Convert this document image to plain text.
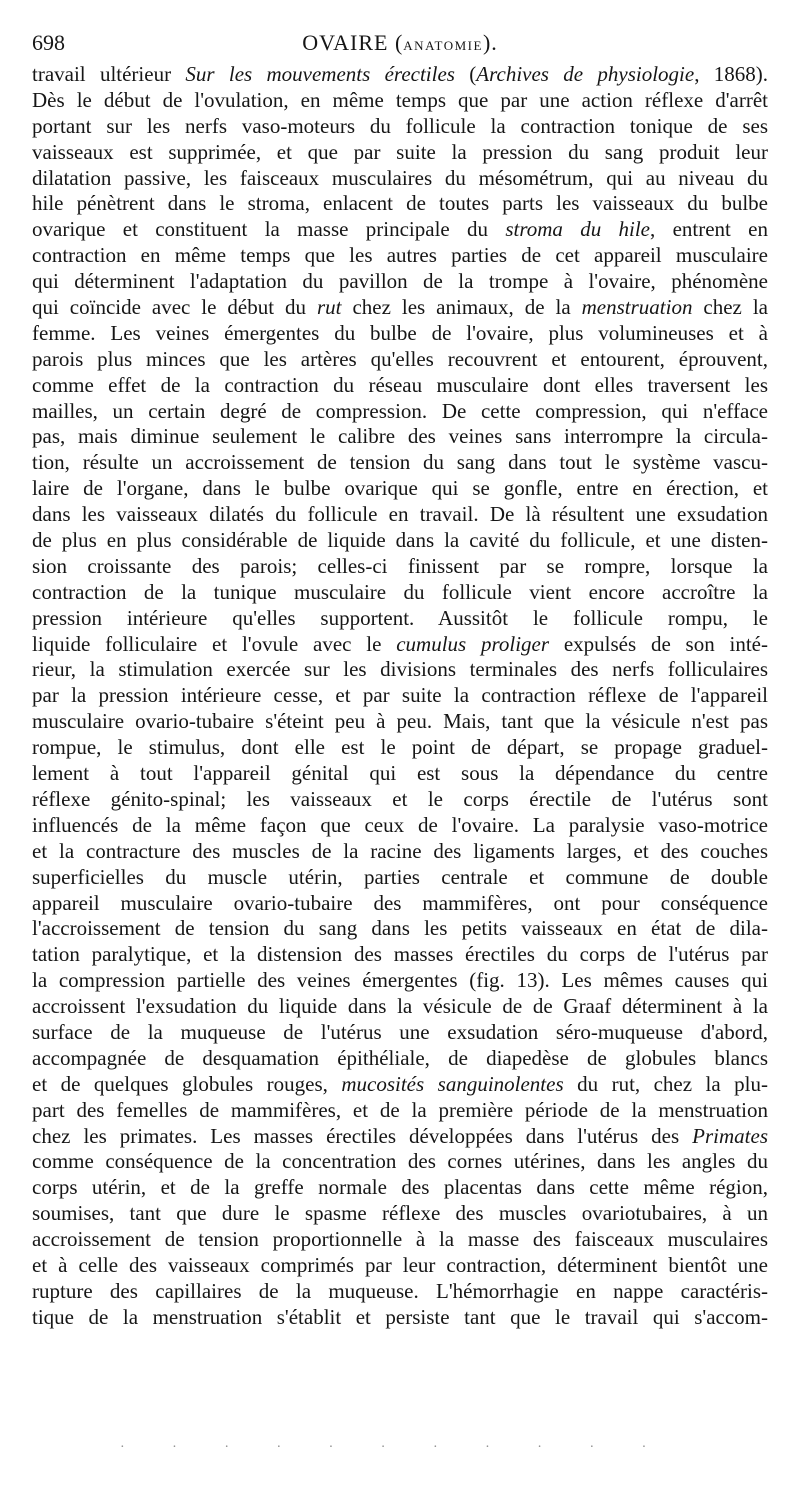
698	OVAIRE (ANATOMIE).
travail ultérieur Sur les mouvements érectiles (Archives de physiologie, 1868).
Dès le début de l'ovulation, en même temps que par une action réflexe d'arrêt
portant sur les nerfs vaso-moteurs du follicule la contraction tonique de ses
vaisseaux est supprimée, et que par suite la pression du sang produit leur
dilatation passive, les faisceaux musculaires du mésométrum, qui au niveau du
hile pénètrent dans le stroma, enlacent de toutes parts les vaisseaux du bulbe
ovarique et constituent la masse principale du stroma du hile, entrent en
contraction en même temps que les autres parties de cet appareil musculaire
qui déterminent l'adaptation du pavillon de la trompe à l'ovaire, phénomène
qui coïncide avec le début du rut chez les animaux, de la menstruation chez la
femme. Les veines émergentes du bulbe de l'ovaire, plus volumineuses et à
parois plus minces que les artères qu'elles recouvrent et entourent, éprouvent,
comme effet de la contraction du réseau musculaire dont elles traversent les
mailles, un certain degré de compression. De cette compression, qui n'efface
pas, mais diminue seulement le calibre des veines sans interrompre la circula-
tion, résulte un accroissement de tension du sang dans tout le système vascu-
laire de l'organe, dans le bulbe ovarique qui se gonfle, entre en érection, et
dans les vaisseaux dilatés du follicule en travail. De là résultent une exsudation
de plus en plus considérable de liquide dans la cavité du follicule, et une disten-
sion croissante des parois; celles-ci finissent par se rompre, lorsque la
contraction de la tunique musculaire du follicule vient encore accroître la
pression intérieure qu'elles supportent. Aussitôt le follicule rompu, le
liquide folliculaire et l'ovule avec le cumulus proliger expulsés de son inté-
rieur, la stimulation exercée sur les divisions terminales des nerfs folliculaires
par la pression intérieure cesse, et par suite la contraction réflexe de l'appareil
musculaire ovario-tubaire s'éteint peu à peu. Mais, tant que la vésicule n'est pas
rompue, le stimulus, dont elle est le point de départ, se propage graduel-
lement à tout l'appareil génital qui est sous la dépendance du centre
réflexe génito-spinal; les vaisseaux et le corps érectile de l'utérus sont
influencés de la même façon que ceux de l'ovaire. La paralysie vaso-motrice
et la contracture des muscles de la racine des ligaments larges, et des couches
superficielles du muscle utérin, parties centrale et commune de double
appareil musculaire ovario-tubaire des mammifères, ont pour conséquence
l'accroissement de tension du sang dans les petits vaisseaux en état de dila-
tation paralytique, et la distension des masses érectiles du corps de l'utérus par
la compression partielle des veines émergentes (fig. 13). Les mêmes causes qui
accroissent l'exsudation du liquide dans la vésicule de de Graaf déterminent à la
surface de la muqueuse de l'utérus une exsudation séro-muqueuse d'abord,
accompagnée de desquamation épithéliale, de diapedèse de globules blancs
et de quelques globules rouges, mucosités sanguinolentes du rut, chez la plu-
part des femelles de mammifères, et de la première période de la menstruation
chez les primates. Les masses érectiles développées dans l'utérus des Primates
comme conséquence de la concentration des cornes utérines, dans les angles du
corps utérin, et de la greffe normale des placentas dans cette même région,
soumises, tant que dure le spasme réflexe des muscles ovariotubaires, à un
accroissement de tension proportionnelle à la masse des faisceaux musculaires
et à celle des vaisseaux comprimés par leur contraction, déterminent bientôt une
rupture des capillaires de la muqueuse. L'hémorrhagie en nappe caractéris-
tique de la menstruation s'établit et persiste tant que le travail qui s'accom-
· · · · · · · · · · ·
